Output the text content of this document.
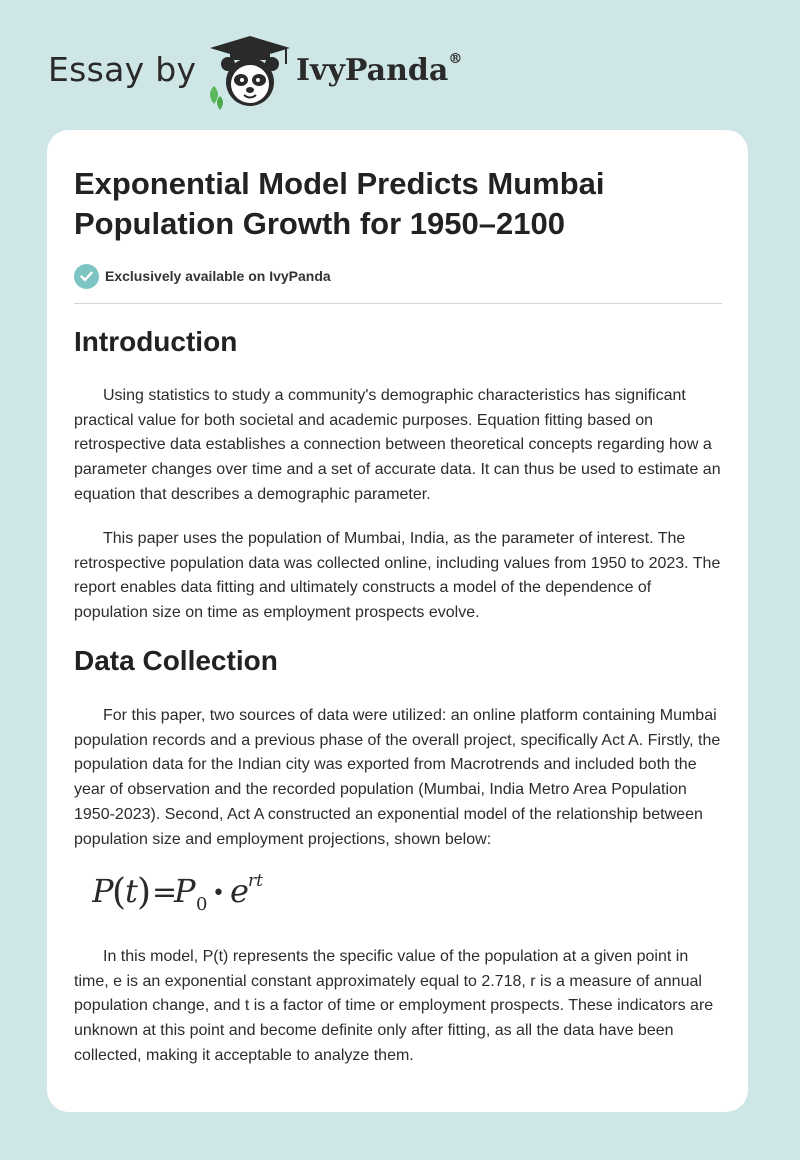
Essay by	IvyPanda®
Exponential Model Predicts Mumbai Population Growth for 1950–2100
Exclusively available on IvyPanda
Introduction

Using statistics to study a community's demographic characteristics has significant practical value for both societal and academic purposes. Equation fitting based on retrospective data establishes a connection between theoretical concepts regarding how a parameter changes over time and a set of accurate data. It can thus be used to estimate an equation that describes a demographic parameter.

This paper uses the population of Mumbai, India, as the parameter of interest. The retrospective population data was collected online, including values from 1950 to 2023. The report enables data fitting and ultimately constructs a model of the dependence of population size on time as employment prospects evolve.

Data Collection

For this paper, two sources of data were utilized: an online platform containing Mumbai population records and a previous phase of the overall project, specifically Act A. Firstly, the population data for the Indian city was exported from Macrotrends and included both the year of observation and the recorded population (Mumbai, India Metro Area Population 1950-2023). Second, Act A constructed an exponential model of the relationship between population size and employment projections, shown below:

P
(
t ) =
P 0 • e rt

In this model, P(t) represents the specific value of the population at a given point in time, e is an exponential constant approximately equal to 2.718, r is a measure of annual population change, and t is a factor of time or employment prospects. These indicators are unknown at this point and become definite only after fitting, as all the data have been collected, making it acceptable to analyze them.
